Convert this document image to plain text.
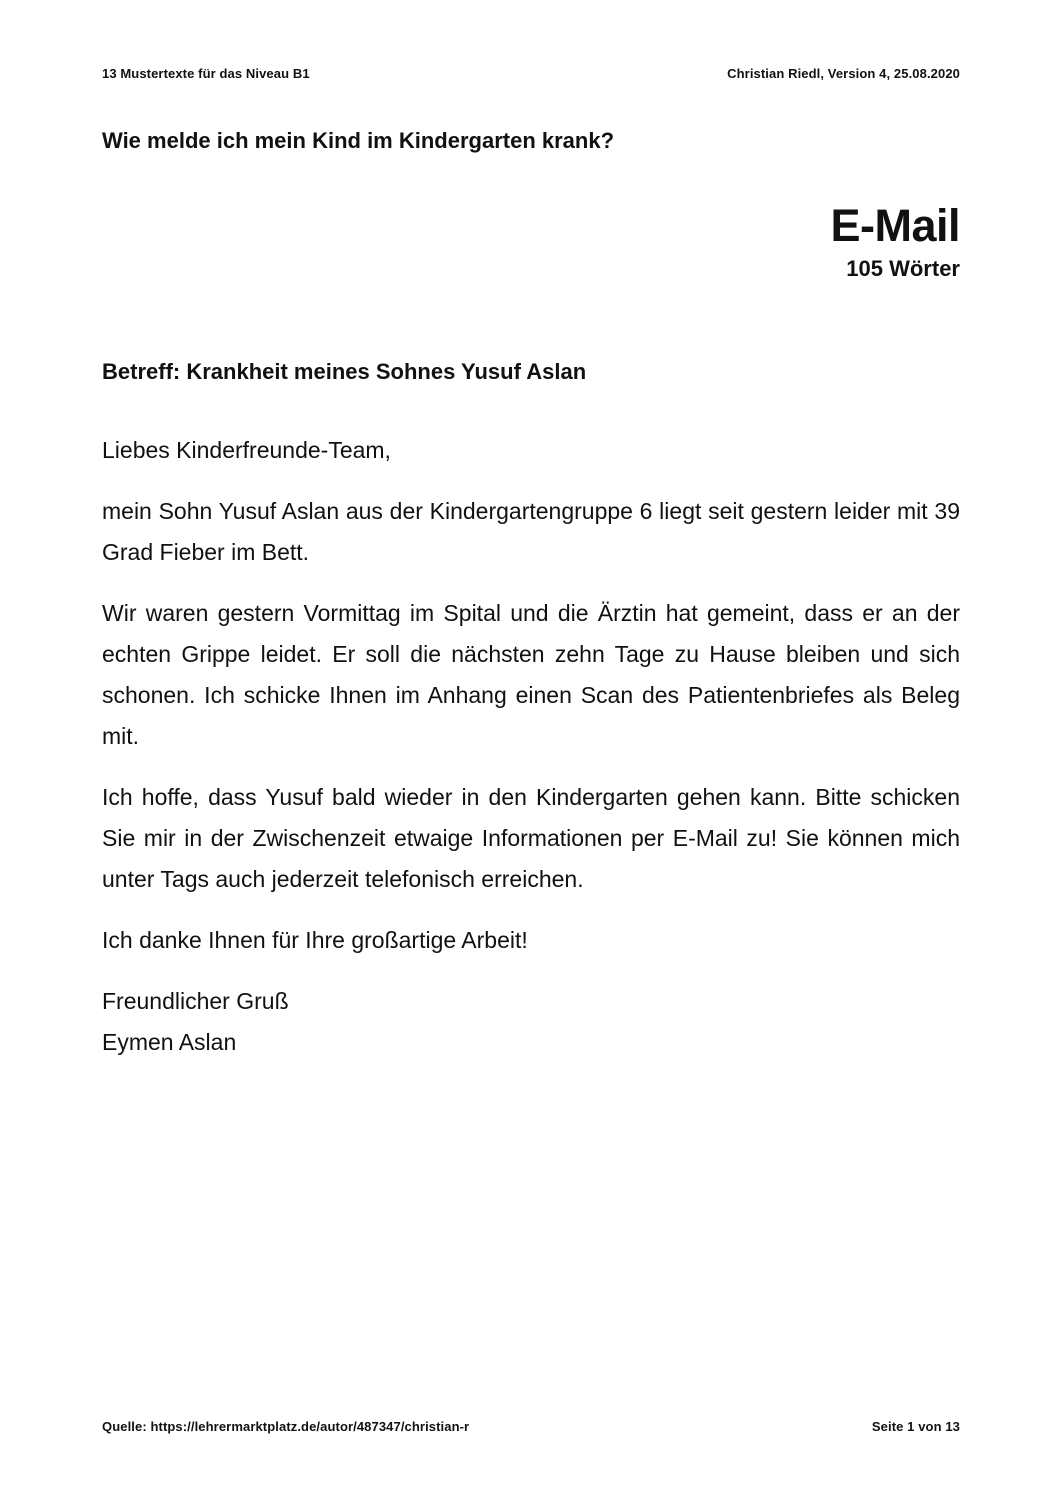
13 Mustertexte für das Niveau B1	Christian Riedl, Version 4, 25.08.2020
Wie melde ich mein Kind im Kindergarten krank?
E-Mail
105 Wörter

Betreff: Krankheit meines Sohnes Yusuf Aslan

Liebes Kinderfreunde-Team,

mein Sohn Yusuf Aslan aus der Kindergartengruppe 6 liegt seit gestern leider mit 39 Grad Fieber im Bett.

Wir waren gestern Vormittag im Spital und die Ärztin hat gemeint, dass er an der echten Grippe leidet. Er soll die nächsten zehn Tage zu Hause bleiben und sich schonen. Ich schicke Ihnen im Anhang einen Scan des Patientenbriefes als Beleg mit.

Ich hoffe, dass Yusuf bald wieder in den Kindergarten gehen kann. Bitte schicken Sie mir in der Zwischenzeit etwaige Informationen per E-Mail zu! Sie können mich unter Tags auch jederzeit telefonisch erreichen.

Ich danke Ihnen für Ihre großartige Arbeit!

Freundlicher Gruß

Eymen Aslan

Quelle: https://lehrermarktplatz.de/autor/487347/christian-r	Seite 1 von 13
